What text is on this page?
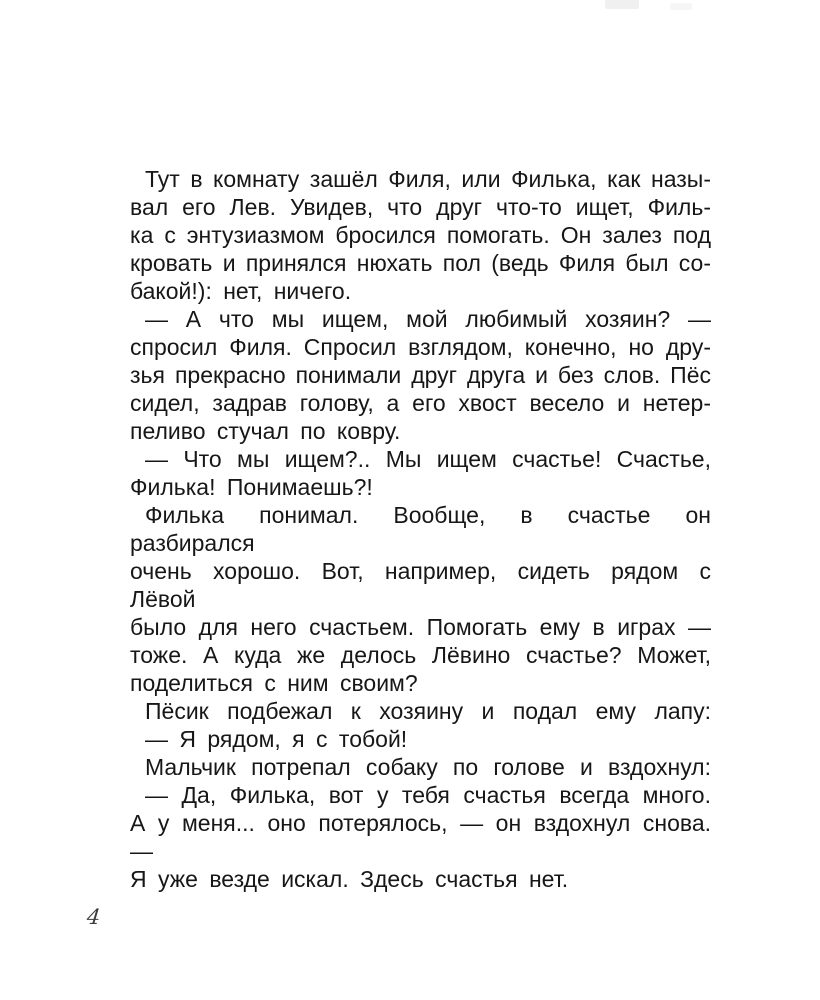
Тут в комнату зашёл Филя, или Филька, как назы-
вал его Лев. Увидев, что друг что-то ищет, Филь-
ка с энтузиазмом бросился помогать. Он залез под
кровать и принялся нюхать пол (ведь Филя был со-
бакой!): нет, ничего.
— А что мы ищем, мой любимый хозяин? —
спросил Филя. Спросил взглядом, конечно, но дру-
зья прекрасно понимали друг друга и без слов. Пёс
сидел, задрав голову, а его хвост весело и нетер-
пеливо стучал по ковру.
— Что мы ищем?.. Мы ищем счастье! Счастье,
Филька! Понимаешь?!
Филька понимал. Вообще, в счастье он разбирался
очень хорошо. Вот, например, сидеть рядом с Лёвой
было для него счастьем. Помогать ему в играх —
тоже. А куда же делось Лёвино счастье? Может,
поделиться с ним своим?
Пёсик подбежал к хозяину и подал ему лапу:
— Я рядом, я с тобой!
Мальчик потрепал собаку по голове и вздохнул:
— Да, Филька, вот у тебя счастья всегда много.
А у меня... оно потерялось, — он вздохнул снова. —
Я уже везде искал. Здесь счастья нет.
4
